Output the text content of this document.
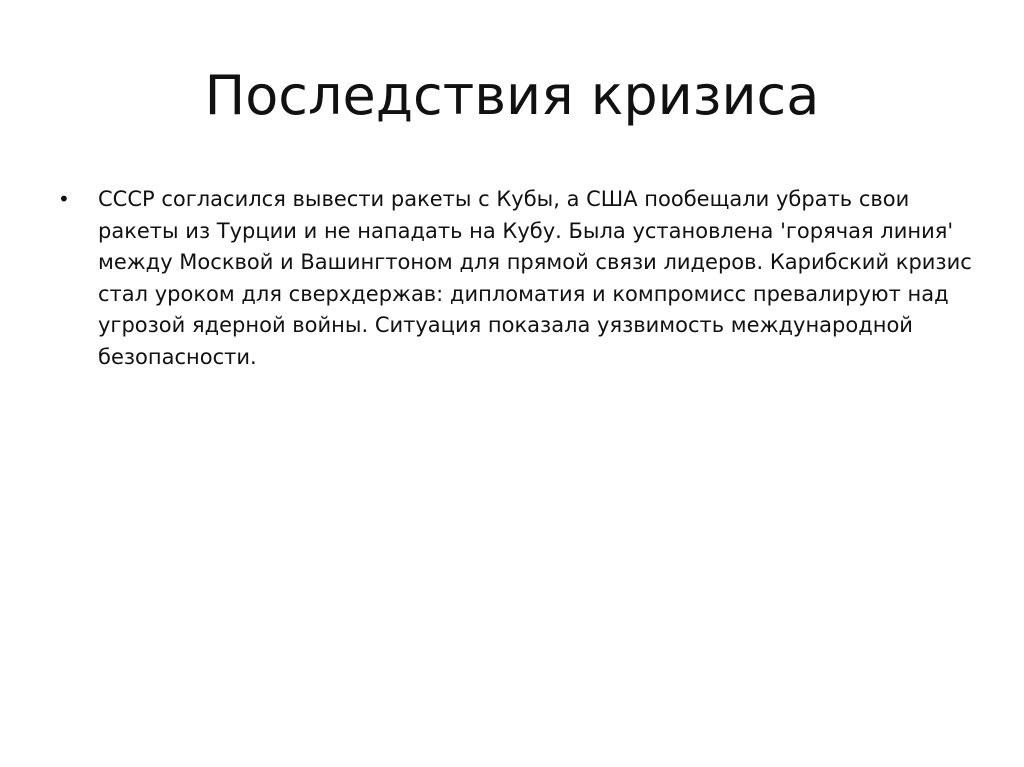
Последствия кризиса
• СССР согласился вывести ракеты с Кубы, а США пообещали убрать свои ракеты из Турции и не нападать на Кубу. Была установлена 'горячая линия' между Москвой и Вашингтоном для прямой связи лидеров. Карибский кризис стал уроком для сверхдержав: дипломатия и компромисс превалируют над угрозой ядерной войны. Ситуация показала уязвимость международной безопасности.
